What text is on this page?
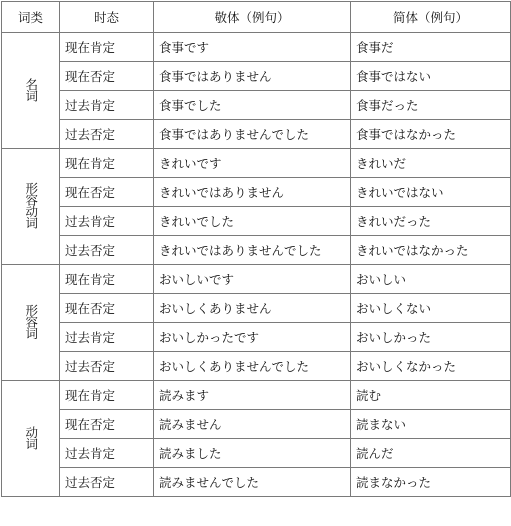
词类	时态	敬体（例句）	简体（例句）
名词	现在肯定	食事です	食事だ
	现在否定	食事ではありません	食事ではない
	过去肯定	食事でした	食事だった
	过去否定	食事ではありませんでした	食事ではなかった
形容动词	现在肯定	きれいです	きれいだ
	现在否定	きれいではありません	きれいではない
	过去肯定	きれいでした	きれいだった
	过去否定	きれいではありませんでした	きれいではなかった
形容词	现在肯定	おいしいです	おいしい
	现在否定	おいしくありません	おいしくない
	过去肯定	おいしかったです	おいしかった
	过去否定	おいしくありませんでした	おいしくなかった
动词	现在肯定	読みます	読む
	现在否定	読みません	読まない
	过去肯定	読みました	読んだ
	过去否定	読みませんでした	読まなかった
